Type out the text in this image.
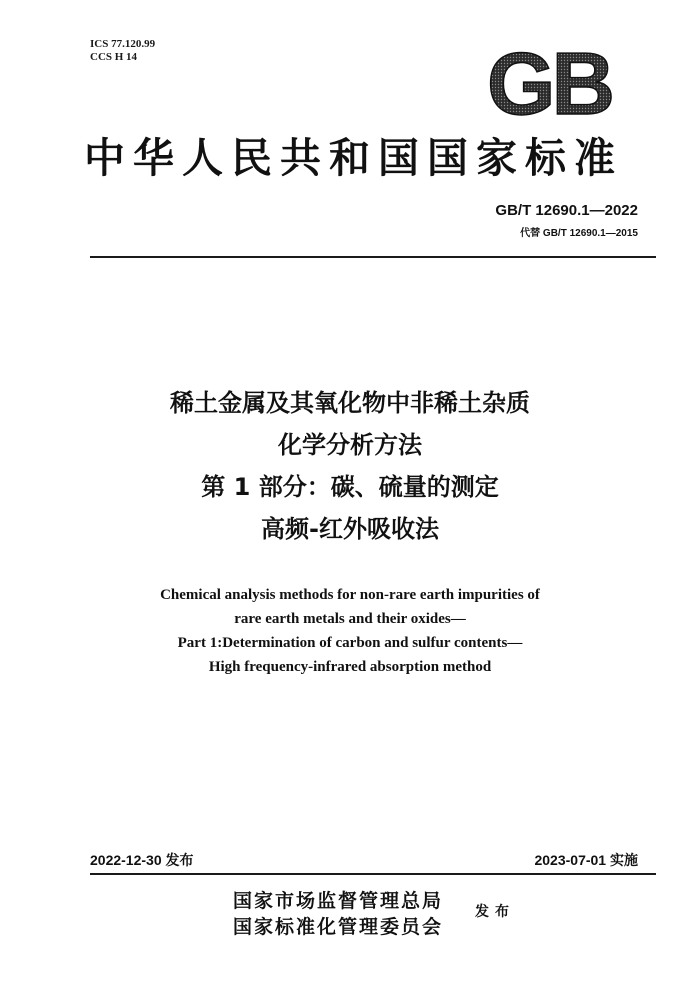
ICS 77.120.99
CCS H 14	GB
中华人民共和国国家标准
GB/T 12690.1—2022
代替 GB/T 12690.1—2015
稀土金属及其氧化物中非稀土杂质
化学分析方法
第 1 部分：碳、硫量的测定
高频-红外吸收法
Chemical analysis methods for non-rare earth impurities of
rare earth metals and their oxides—
Part 1:Determination of carbon and sulfur contents—
High frequency-infrared absorption method
2022-12-30 发布	2023-07-01 实施
国家市场监督管理总局
国家标准化管理委员会
发布
